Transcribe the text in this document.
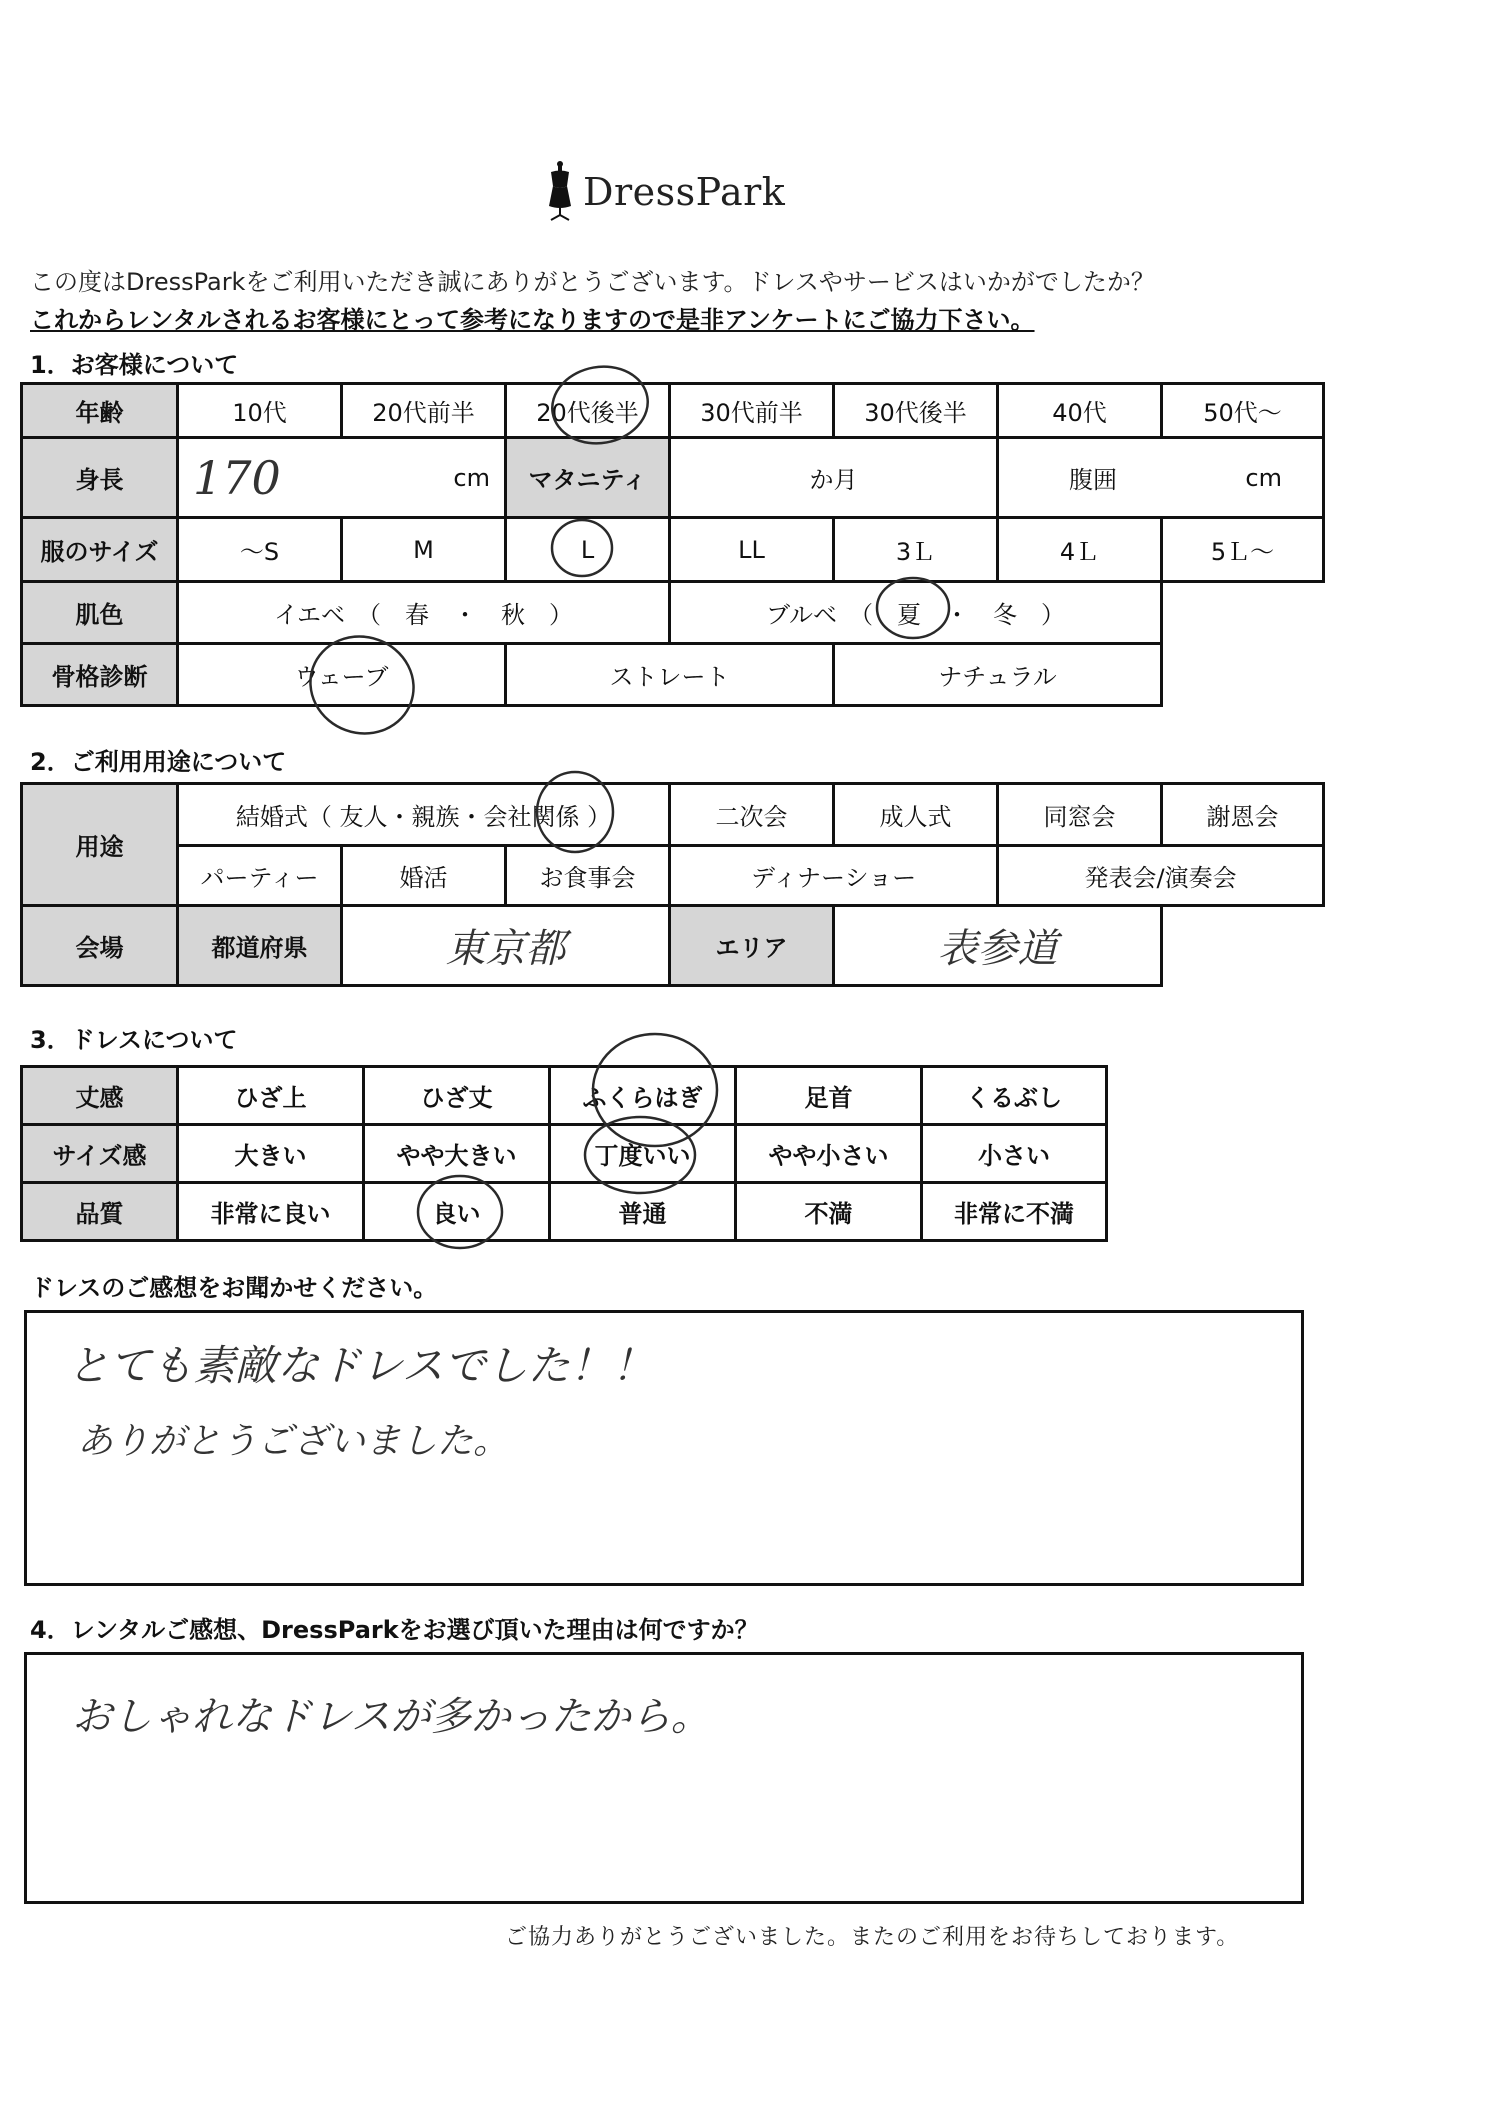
DressPark
この度はDressParkをご利用いただき誠にありがとうございます。ドレスやサービスはいかがでしたか？
これからレンタルされるお客様にとって参考になりますので是非アンケートにご協力下さい。
1．お客様について
年齢	10代	20代前半	20代後半	30代前半	30代後半	40代	50代～
身長	170 cm		マタニティ	か月		腹囲 cm	

服のサイズ	～S	M	L	LL	3Ｌ	4Ｌ	5Ｌ～
肌色	イエベ　（　春　・　秋　）			ブルベ　（　夏　・　冬　）			
骨格診断	ウェーブ		ストレート		ナチュラル		
2．ご利用用途について
用途	結婚式（ 友人・親族・会社関係 ）			二次会	成人式	同窓会	謝恩会
	パーティー	婚活	お食事会	ディナーショー		発表会/演奏会	
会場	都道府県	東京都		エリア	表参道		
3．ドレスについて
丈感	ひざ上	ひざ丈	ふくらはぎ	足首	くるぶし
サイズ感	大きい	やや大きい	丁度いい	やや小さい	小さい
品質	非常に良い	良い	普通	不満	非常に不満
ドレスのご感想をお聞かせください。
とても素敵なドレスでした！！
ありがとうございました。
4．レンタルご感想、DressParkをお選び頂いた理由は何ですか？
おしゃれなドレスが多かったから。
ご協力ありがとうございました。またのご利用をお待ちしております。
